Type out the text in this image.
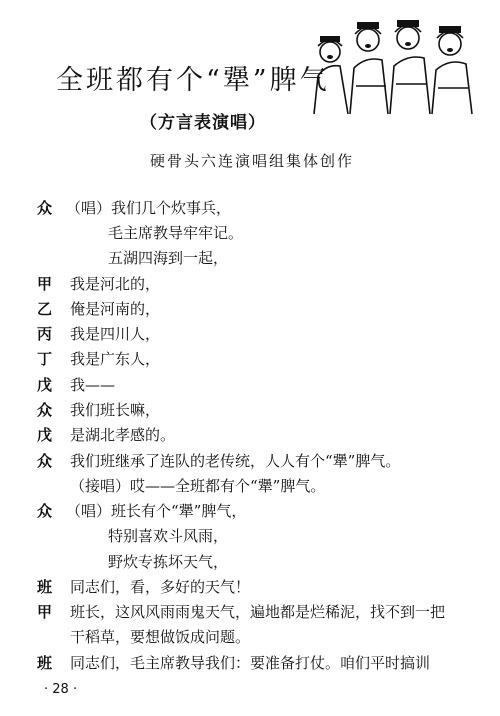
全班都有个“犟”脾气
（方言表演唱）
硬骨头六连演唱组集体创作
众 （唱）我们几个炊事兵，
毛主席教导牢牢记。
五湖四海到一起，
甲	我是河北的，
乙	俺是河南的，
丙	我是四川人，
丁	我是广东人，
戊	我——
众	我们班长嘛，
戊	是湖北孝感的。
众	我们班继承了连队的老传统，人人有个“犟”脾气。
（接唱）哎——全班都有个“犟”脾气。
众 （唱）班长有个“犟”脾气，
特别喜欢斗风雨，
野炊专拣坏天气，
班	同志们，看，多好的天气！
甲	班长，这风风雨雨鬼天气，遍地都是烂稀泥，找不到一把
干稻草，要想做饭成问题。
班	同志们，毛主席教导我们：要准备打仗。咱们平时搞训
· 28 ·
